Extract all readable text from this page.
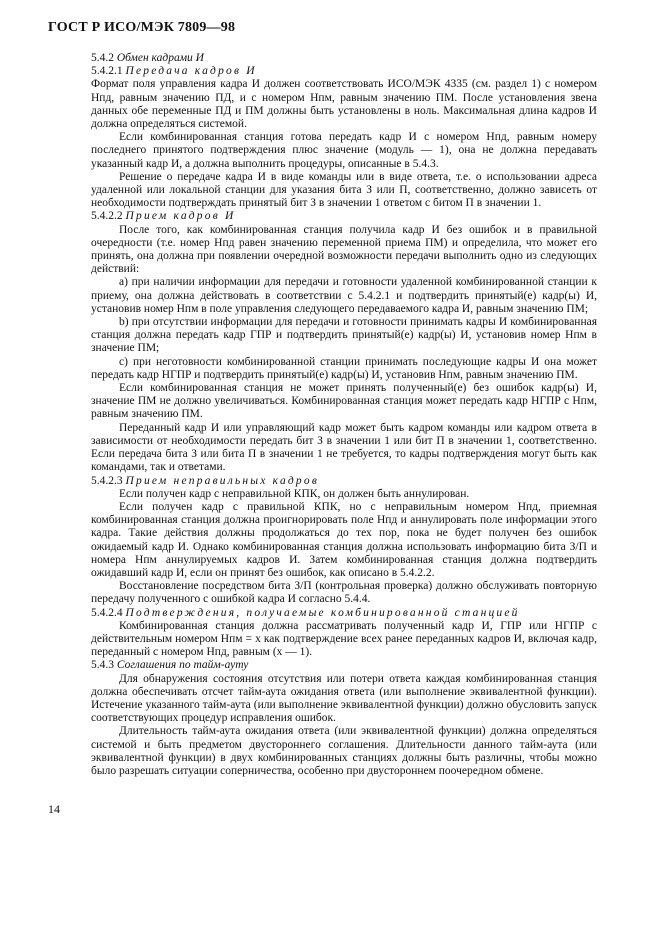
ГОСТ Р ИСО/МЭК 7809—98

5.4.2 Обмен кадрами И

5.4.2.1 Передача кадров И

Формат поля управления кадра И должен соответствовать ИСО/МЭК 4335 (см. раздел 1) с номером Нпд, равным значению ПД, и с номером Нпм, равным значению ПМ. После установления звена данных обе переменные ПД и ПМ должны быть установлены в ноль. Максимальная длина кадров И должна определяться системой.

Если комбинированная станция готова передать кадр И с номером Нпд, равным номеру последнего принятого подтверждения плюс значение (модуль — 1), она не должна передавать указанный кадр И, а должна выполнить процедуры, описанные в 5.4.3.

Решение о передаче кадра И в виде команды или в виде ответа, т.е. о использовании адреса удаленной или локальной станции для указания бита З или П, соответственно, должно зависеть от необходимости подтверждать принятый бит З в значении 1 ответом с битом П в значении 1.

5.4.2.2 Прием кадров И

После того, как комбинированная станция получила кадр И без ошибок и в правильной очередности (т.е. номер Нпд равен значению переменной приема ПМ) и определила, что может его принять, она должна при появлении очередной возможности передачи выполнить одно из следующих действий:

а) при наличии информации для передачи и готовности удаленной комбинированной станции к приему, она должна действовать в соответствии с 5.4.2.1 и подтвердить принятый(е) кадр(ы) И, установив номер Нпм в поле управления следующего передаваемого кадра И, равным значению ПМ;

b) при отсутствии информации для передачи и готовности принимать кадры И комбинированная станция должна передать кадр ГПР и подтвердить принятый(е) кадр(ы) И, установив номер Нпм в значение ПМ;

с) при неготовности комбинированной станции принимать последующие кадры И она может передать кадр НГПР и подтвердить принятый(е) кадр(ы) И, установив Нпм, равным значению ПМ.

Если комбинированная станция не может принять полученный(е) без ошибок кадр(ы) И, значение ПМ не должно увеличиваться. Комбинированная станция может передать кадр НГПР с Нпм, равным значению ПМ.

Переданный кадр И или управляющий кадр может быть кадром команды или кадром ответа в зависимости от необходимости передать бит З в значении 1 или бит П в значении 1, соответственно. Если передача бита З или бита П в значении 1 не требуется, то кадры подтверждения могут быть как командами, так и ответами.

5.4.2.3 Прием неправильных кадров

Если получен кадр с неправильной КПК, он должен быть аннулирован.

Если получен кадр с правильной КПК, но с неправильным номером Нпд, приемная комбинированная станция должна проигнорировать поле Нпд и аннулировать поле информации этого кадра. Такие действия должны продолжаться до тех пор, пока не будет получен без ошибок ожидаемый кадр И. Однако комбинированная станция должна использовать информацию бита З/П и номера Нпм аннулируемых кадров И. Затем комбинированная станция должна подтвердить ожидавший кадр И, если он принят без ошибок, как описано в 5.4.2.2.

Восстановление посредством бита З/П (контрольная проверка) должно обслуживать повторную передачу полученного с ошибкой кадра И согласно 5.4.4.

5.4.2.4 Подтверждения, получаемые комбинированной станцией

Комбинированная станция должна рассматривать полученный кадр И, ГПР или НГПР с действительным номером Нпм = x как подтверждение всех ранее переданных кадров И, включая кадр, переданный с номером Нпд, равным (x — 1).

5.4.3 Соглашения по тайм-ауту

Для обнаружения состояния отсутствия или потери ответа каждая комбинированная станция должна обеспечивать отсчет тайм-аута ожидания ответа (или выполнение эквивалентной функции). Истечение указанного тайм-аута (или выполнение эквивалентной функции) должно обусловить запуск соответствующих процедур исправления ошибок.

Длительность тайм-аута ожидания ответа (или эквивалентной функции) должна определяться системой и быть предметом двустороннего соглашения. Длительности данного тайм-аута (или эквивалентной функции) в двух комбинированных станциях должны быть различны, чтобы можно было разрешать ситуации соперничества, особенно при двустороннем поочередном обмене.

14
